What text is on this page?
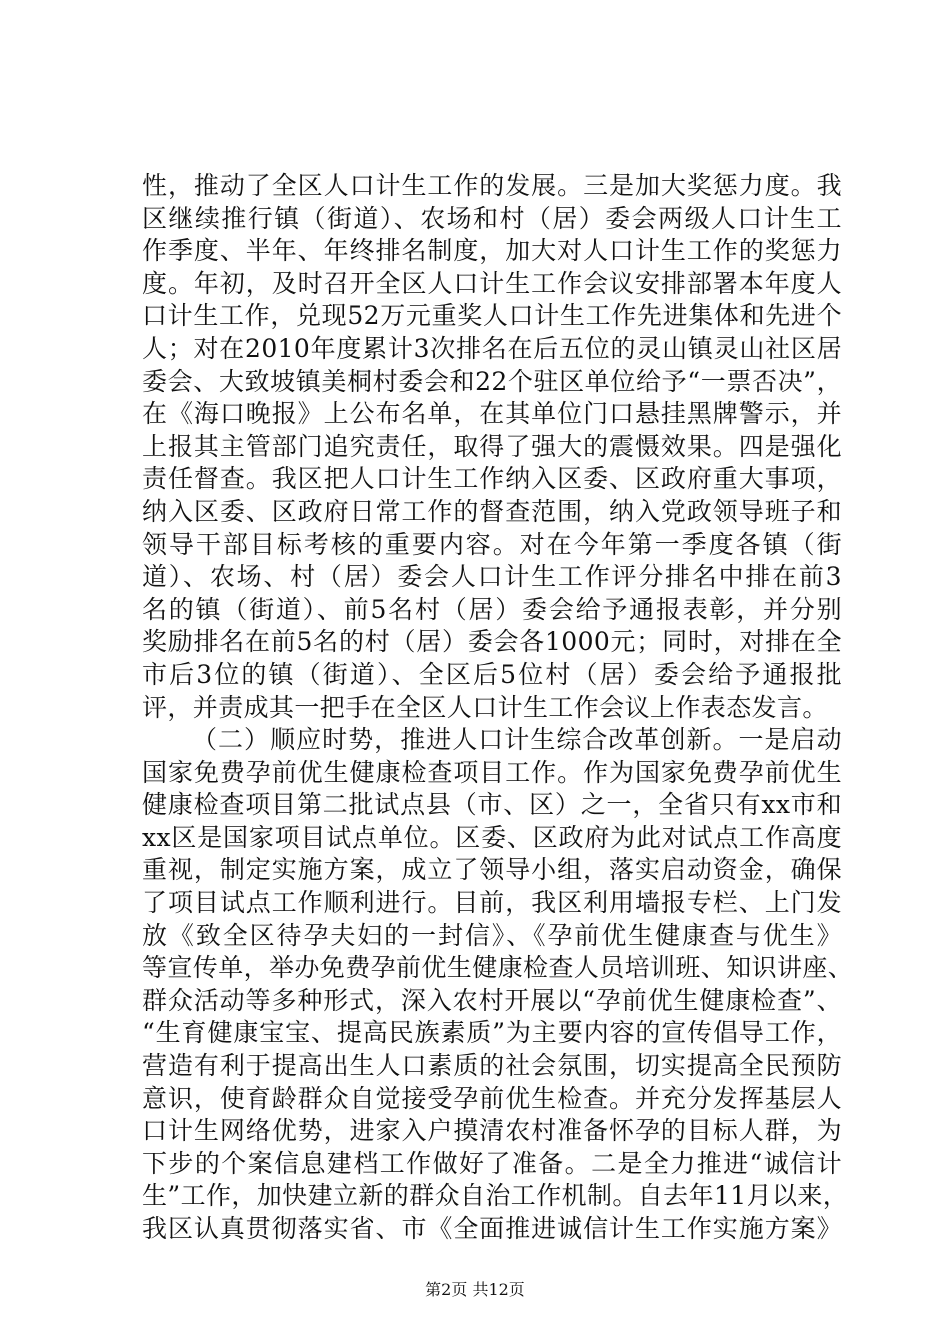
性，推动了全区人口计生工作的发展。三是加大奖惩力度。我
区继续推行镇（街道）、农场和村（居）委会两级人口计生工
作季度、半年、年终排名制度，加大对人口计生工作的奖惩力
度。年初，及时召开全区人口计生工作会议安排部署本年度人
口计生工作，兑现52万元重奖人口计生工作先进集体和先进个
人；对在2010年度累计3次排名在后五位的灵山镇灵山社区居
委会、大致坡镇美桐村委会和22个驻区单位给予“一票否决”，
在《海口晚报》上公布名单，在其单位门口悬挂黑牌警示，并
上报其主管部门追究责任，取得了强大的震慑效果。四是强化
责任督查。我区把人口计生工作纳入区委、区政府重大事项，
纳入区委、区政府日常工作的督查范围，纳入党政领导班子和
领导干部目标考核的重要内容。对在今年第一季度各镇（街
道）、农场、村（居）委会人口计生工作评分排名中排在前3
名的镇（街道）、前5名村（居）委会给予通报表彰，并分别
奖励排名在前5名的村（居）委会各1000元；同时，对排在全
市后3位的镇（街道）、全区后5位村（居）委会给予通报批
评，并责成其一把手在全区人口计生工作会议上作表态发言。
（二）顺应时势，推进人口计生综合改革创新。一是启动
国家免费孕前优生健康检查项目工作。作为国家免费孕前优生
健康检查项目第二批试点县（市、区）之一，全省只有xx市和
xx区是国家项目试点单位。区委、区政府为此对试点工作高度
重视，制定实施方案，成立了领导小组，落实启动资金，确保
了项目试点工作顺利进行。目前，我区利用墙报专栏、上门发
放《致全区待孕夫妇的一封信》、《孕前优生健康查与优生》
等宣传单，举办免费孕前优生健康检查人员培训班、知识讲座、
群众活动等多种形式，深入农村开展以“孕前优生健康检查”、
“生育健康宝宝、提高民族素质”为主要内容的宣传倡导工作，
营造有利于提高出生人口素质的社会氛围，切实提高全民预防
意识，使育龄群众自觉接受孕前优生检查。并充分发挥基层人
口计生网络优势，进家入户摸清农村准备怀孕的目标人群，为
下步的个案信息建档工作做好了准备。二是全力推进“诚信计
生”工作，加快建立新的群众自治工作机制。自去年11月以来，
我区认真贯彻落实省、市《全面推进诚信计生工作实施方案》
第2页 共12页
